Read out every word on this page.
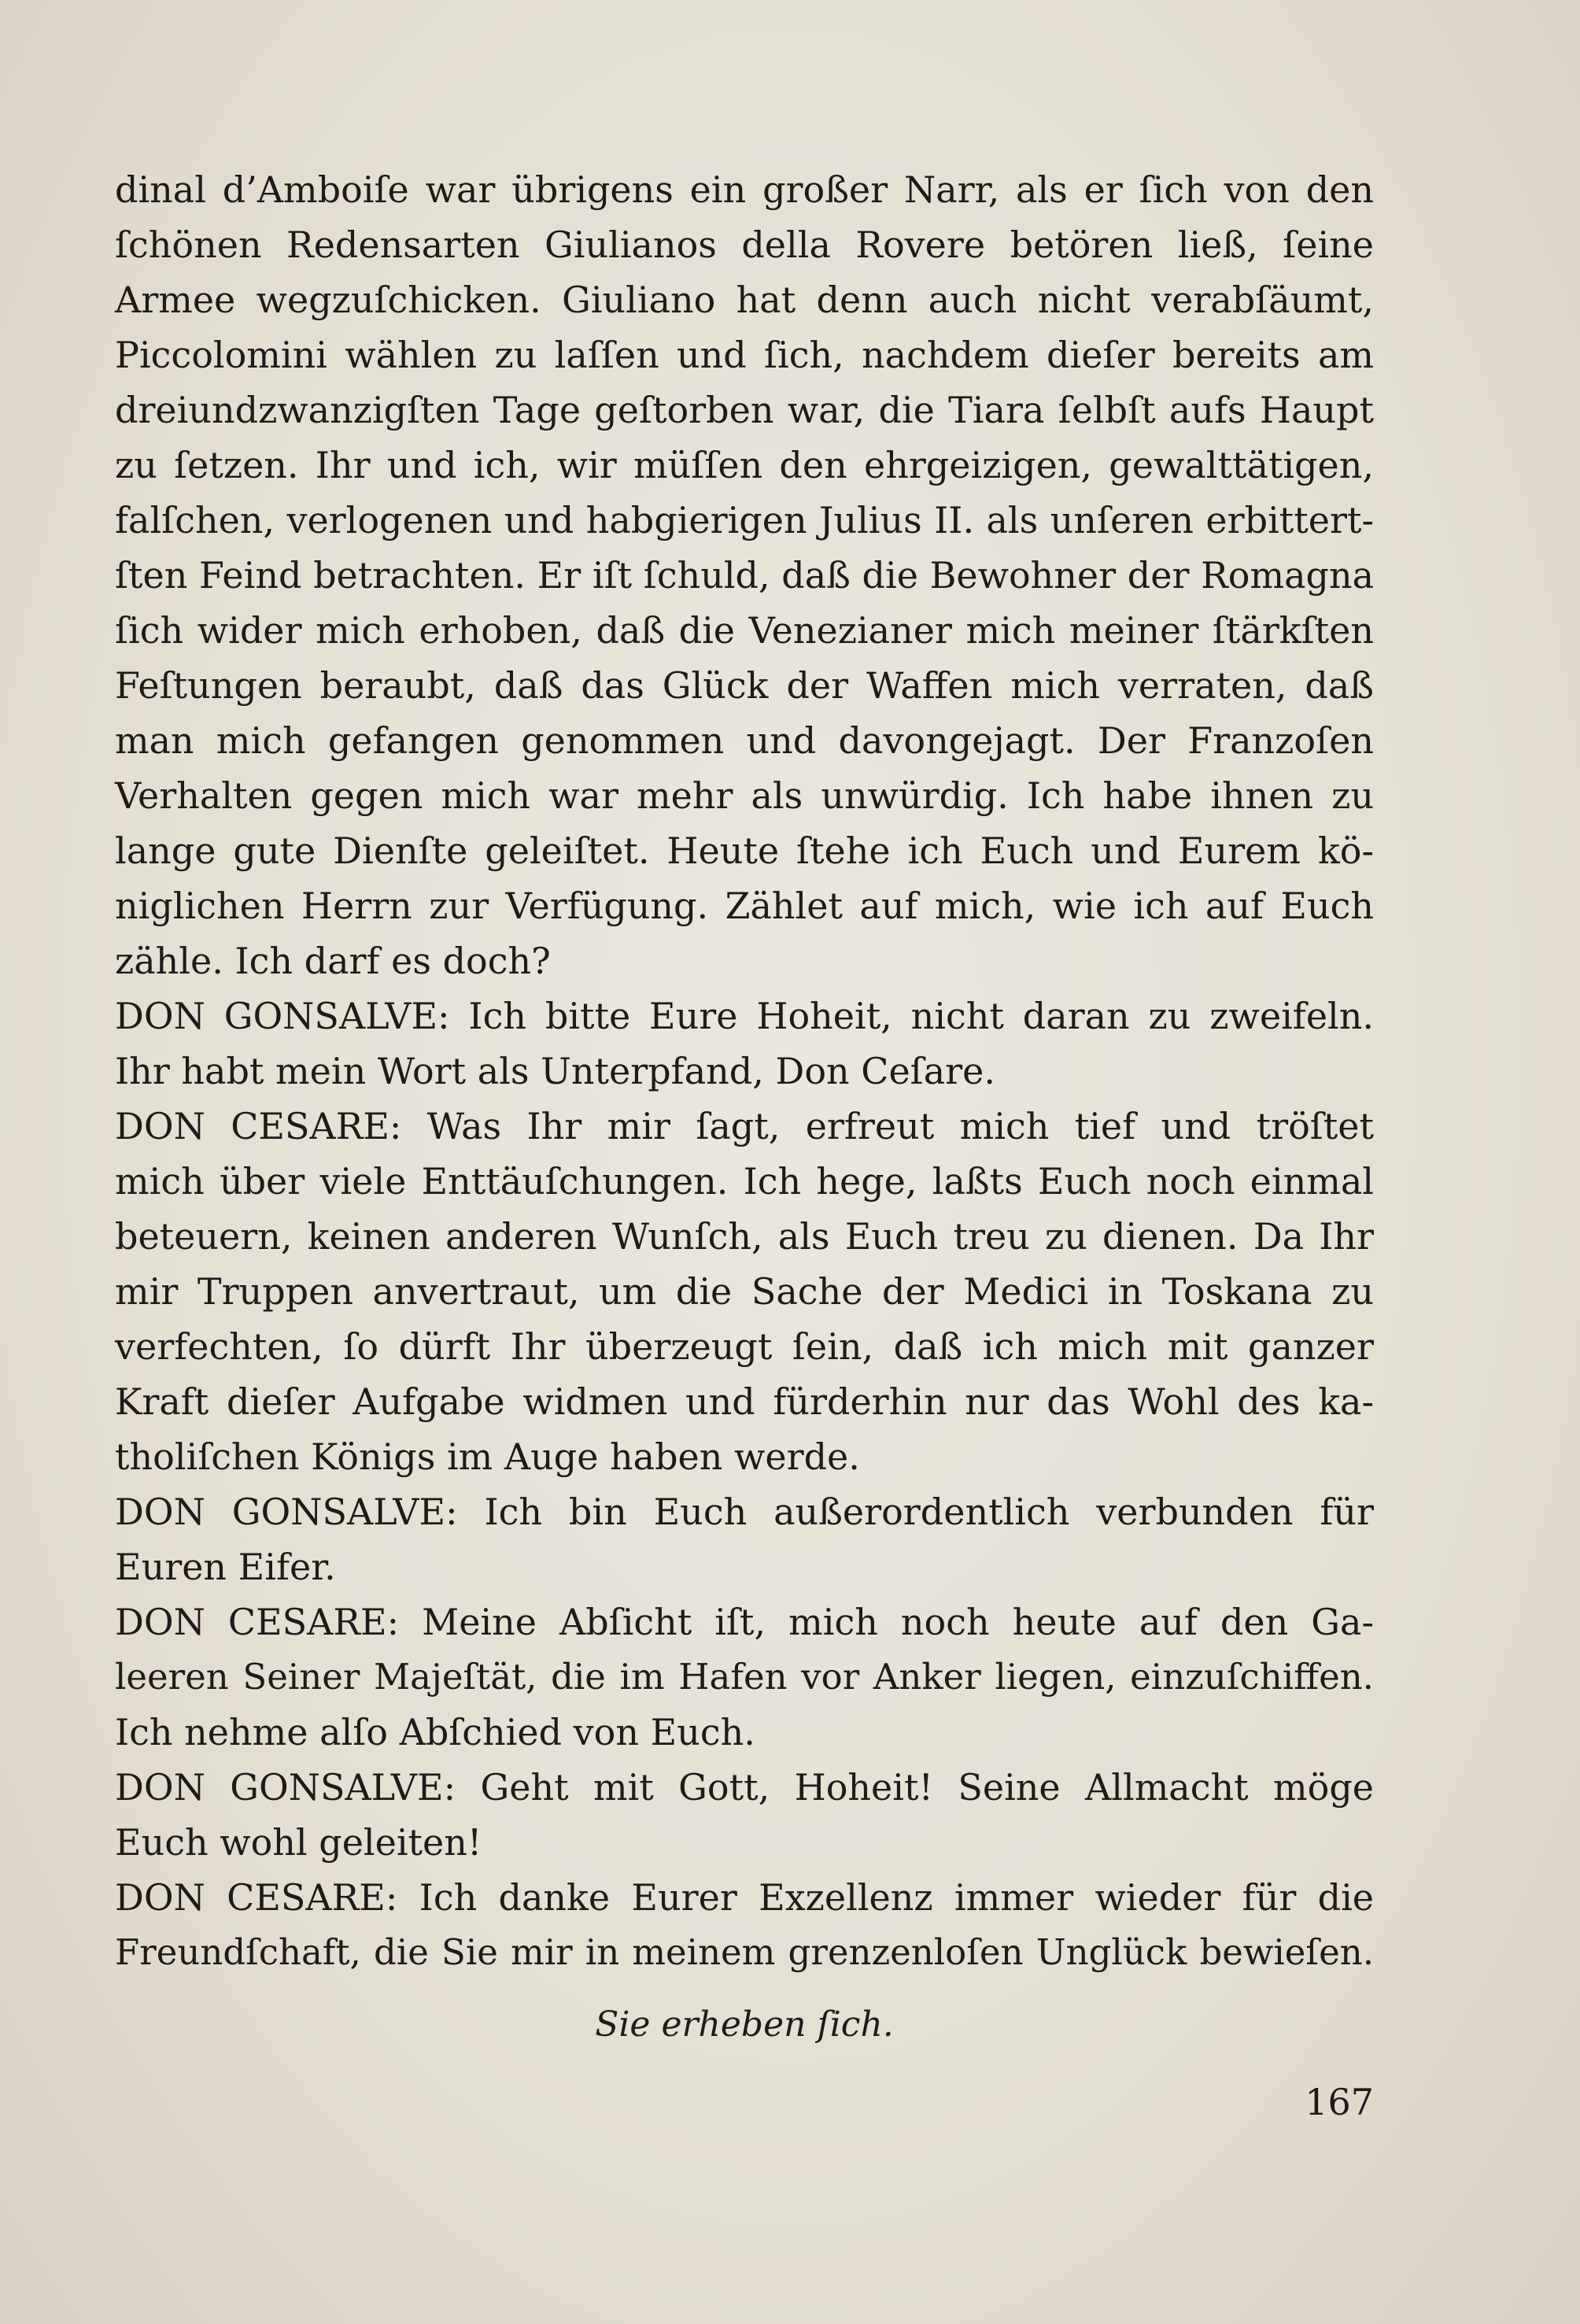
dinal d’Amboiſe war übrigens ein großer Narr, als er ſich von den
ſchönen Redensarten Giulianos della Rovere betören ließ, ſeine
Armee wegzuſchicken. Giuliano hat denn auch nicht verabſäumt,
Piccolomini wählen zu laſſen und ſich, nachdem dieſer bereits am
dreiundzwanzigſten Tage geſtorben war, die Tiara ſelbſt aufs Haupt
zu ſetzen. Ihr und ich, wir müſſen den ehrgeizigen, gewalttätigen,
falſchen, verlogenen und habgierigen Julius II. als unſeren erbittert-
ſten Feind betrachten. Er iſt ſchuld, daß die Bewohner der Romagna
ſich wider mich erhoben, daß die Venezianer mich meiner ſtärkſten
Feſtungen beraubt, daß das Glück der Waffen mich verraten, daß
man mich gefangen genommen und davongejagt. Der Franzoſen
Verhalten gegen mich war mehr als unwürdig. Ich habe ihnen zu
lange gute Dienſte geleiſtet. Heute ſtehe ich Euch und Eurem kö-
niglichen Herrn zur Verfügung. Zählet auf mich, wie ich auf Euch
zähle. Ich darf es doch?
DON GONSALVE: Ich bitte Eure Hoheit, nicht daran zu zweifeln.
Ihr habt mein Wort als Unterpfand, Don Ceſare.
DON CESARE: Was Ihr mir ſagt, erfreut mich tief und tröſtet
mich über viele Enttäuſchungen. Ich hege, laßts Euch noch einmal
beteuern, keinen anderen Wunſch, als Euch treu zu dienen. Da Ihr
mir Truppen anvertraut, um die Sache der Medici in Toskana zu
verfechten, ſo dürft Ihr überzeugt ſein, daß ich mich mit ganzer
Kraft dieſer Aufgabe widmen und fürderhin nur das Wohl des ka-
tholiſchen Königs im Auge haben werde.
DON GONSALVE: Ich bin Euch außerordentlich verbunden für
Euren Eifer.
DON CESARE: Meine Abſicht iſt, mich noch heute auf den Ga-
leeren Seiner Majeſtät, die im Hafen vor Anker liegen, einzuſchiffen.
Ich nehme alſo Abſchied von Euch.
DON GONSALVE: Geht mit Gott, Hoheit! Seine Allmacht möge
Euch wohl geleiten!
DON CESARE: Ich danke Eurer Exzellenz immer wieder für die
Freundſchaft, die Sie mir in meinem grenzenloſen Unglück bewieſen.
Sie erheben ſich.
167
